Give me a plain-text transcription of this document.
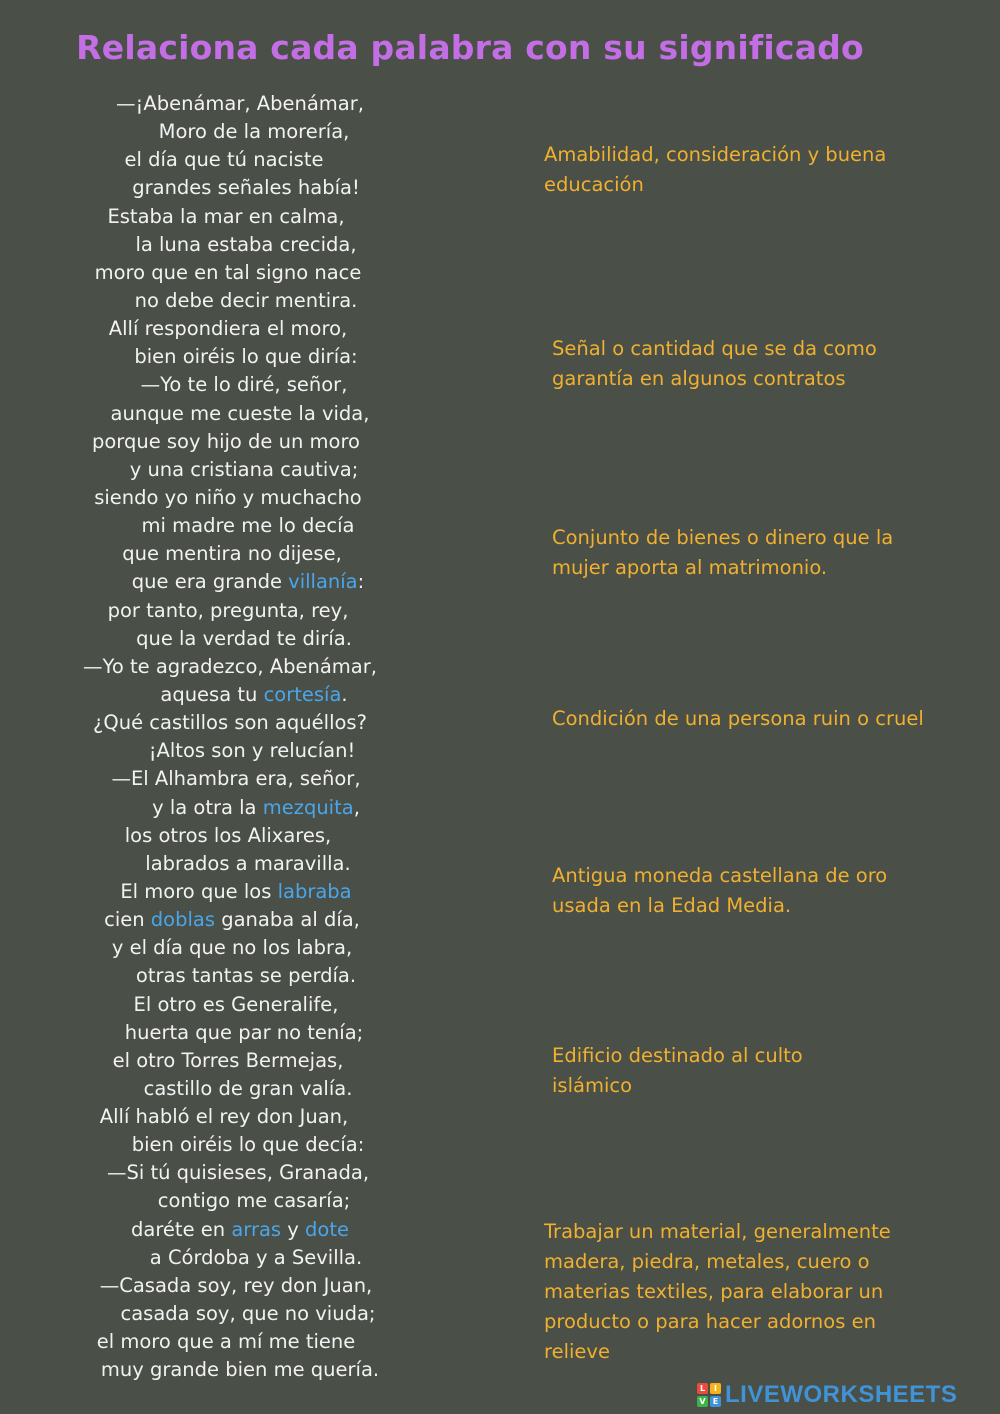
Relaciona cada palabra con su significado
—¡Abenámar, Abenámar,
Moro de la morería,
el día que tú naciste
grandes señales había!
Estaba la mar en calma,
la luna estaba crecida,
moro que en tal signo nace
no debe decir mentira.
Allí respondiera el moro,
bien oiréis lo que diría:
—Yo te lo diré, señor,
aunque me cueste la vida,
porque soy hijo de un moro
y una cristiana cautiva;
siendo yo niño y muchacho
mi madre me lo decía
que mentira no dijese,
que era grande villanía:
por tanto, pregunta, rey,
que la verdad te diría.
—Yo te agradezco, Abenámar,
aquesa tu cortesía.
¿Qué castillos son aquéllos?
¡Altos son y relucían!
—El Alhambra era, señor,
y la otra la mezquita,
los otros los Alixares,
labrados a maravilla.
El moro que los labraba
cien doblas ganaba al día,
y el día que no los labra,
otras tantas se perdía.
El otro es Generalife,
huerta que par no tenía;
el otro Torres Bermejas,
castillo de gran valía.
Allí habló el rey don Juan,
bien oiréis lo que decía:
—Si tú quisieses, Granada,
contigo me casaría;
daréte en arras y dote
a Córdoba y a Sevilla.
—Casada soy, rey don Juan,
casada soy, que no viuda;
el moro que a mí me tiene
muy grande bien me quería.
Amabilidad, consideración y buena educación
Señal o cantidad que se da como garantía en algunos contratos
Conjunto de bienes o dinero que la mujer aporta al matrimonio.
Condición de una persona ruin o cruel
Antigua moneda castellana de oro usada en la Edad Media.
Edificio destinado al culto islámico
Trabajar un material, generalmente madera, piedra, metales, cuero o materias textiles, para elaborar un producto o para hacer adornos en relieve
L	I
V E LIVEWORKSHEETS
